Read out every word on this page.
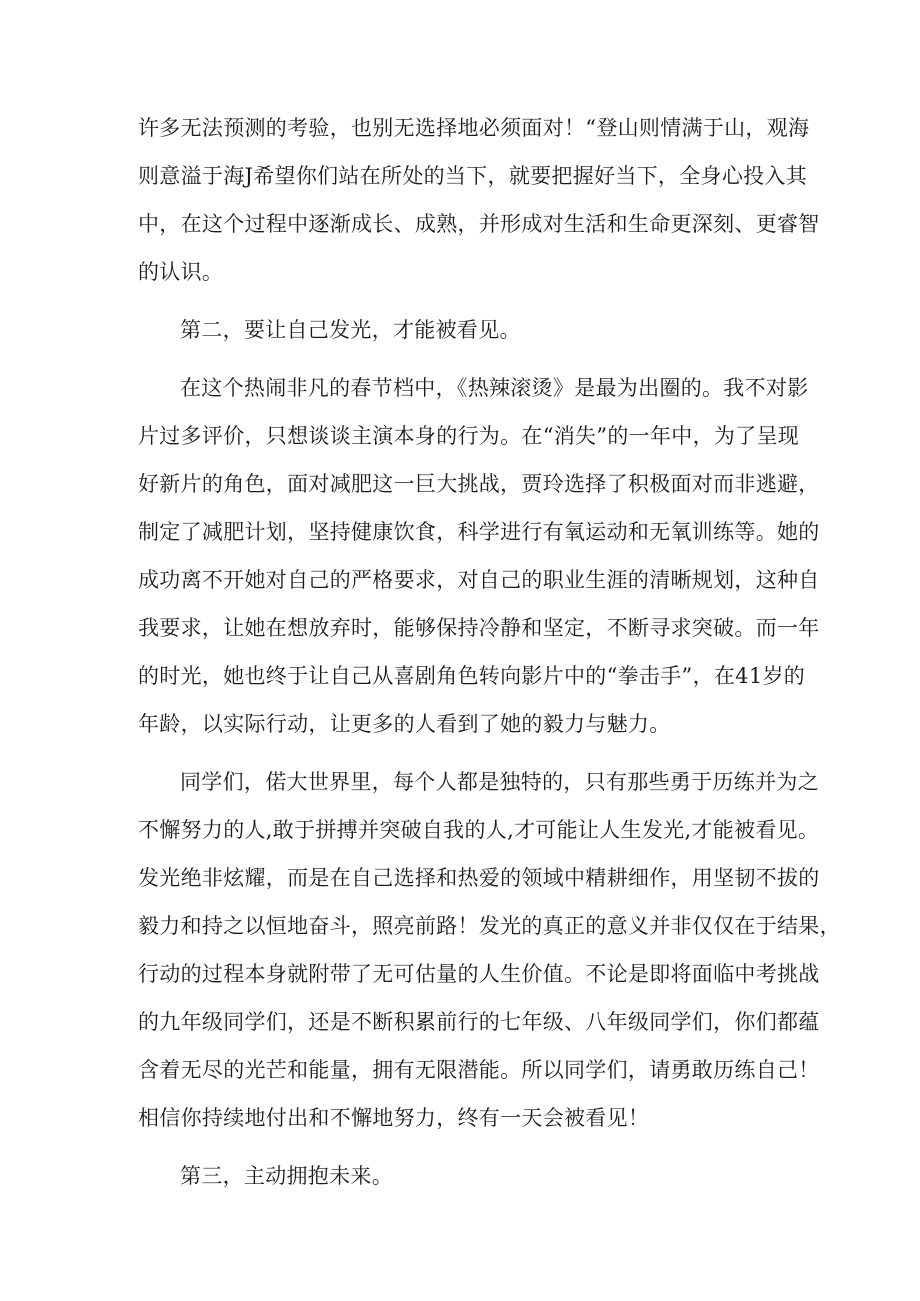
许多无法预测的考验，也别无选择地必须面对！“登山则情满于山，观海
则意溢于海J希望你们站在所处的当下，就要把握好当下，全身心投入其
中，在这个过程中逐渐成长、成熟，并形成对生活和生命更深刻、更睿智
的认识。
第二，要让自己发光，才能被看见。
在这个热闹非凡的春节档中，《热辣滚烫》是最为出圈的。我不对影
片过多评价，只想谈谈主演本身的行为。在“消失”的一年中，为了呈现
好新片的角色，面对减肥这一巨大挑战，贾玲选择了积极面对而非逃避，
制定了减肥计划，坚持健康饮食，科学进行有氧运动和无氧训练等。她的
成功离不开她对自己的严格要求，对自己的职业生涯的清晰规划，这种自
我要求，让她在想放弃时，能够保持冷静和坚定，不断寻求突破。而一年
的时光，她也终于让自己从喜剧角色转向影片中的“拳击手”，在41岁的
年龄，以实际行动，让更多的人看到了她的毅力与魅力。
同学们，偌大世界里，每个人都是独特的，只有那些勇于历练并为之
不懈努力的人,敢于拼搏并突破自我的人,才可能让人生发光,才能被看见。
发光绝非炫耀，而是在自己选择和热爱的领域中精耕细作，用坚韧不拔的
毅力和持之以恒地奋斗，照亮前路！发光的真正的意义并非仅仅在于结果，
行动的过程本身就附带了无可估量的人生价值。不论是即将面临中考挑战
的九年级同学们，还是不断积累前行的七年级、八年级同学们，你们都蕴
含着无尽的光芒和能量，拥有无限潜能。所以同学们，请勇敢历练自己！
相信你持续地付出和不懈地努力，终有一天会被看见！
第三，主动拥抱未来。
